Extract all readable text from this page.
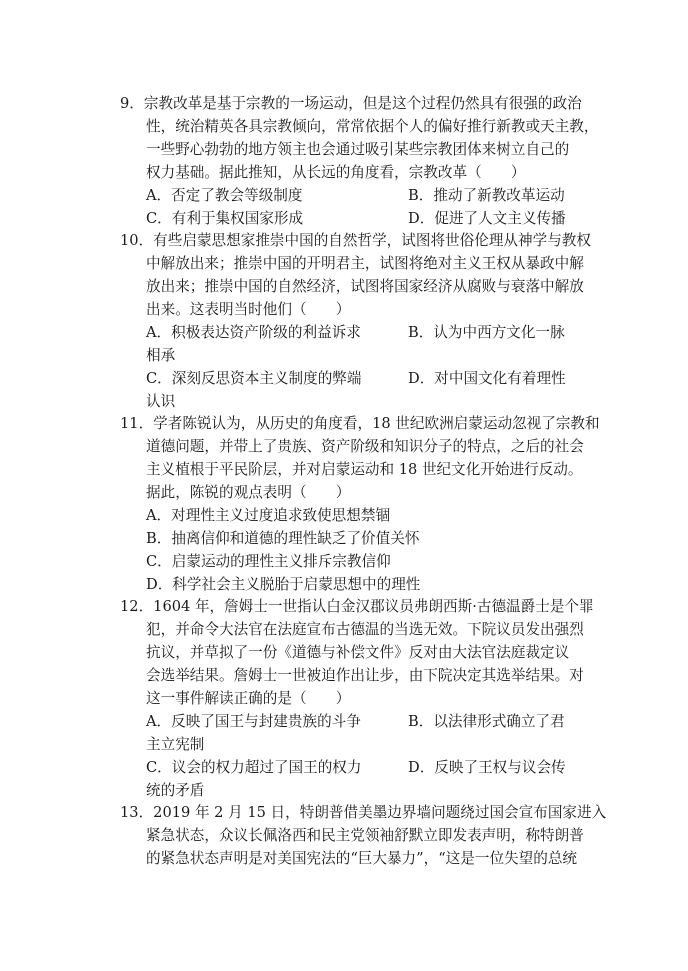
9．宗教改革是基于宗教的一场运动，但是这个过程仍然具有很强的政治
性，统治精英各具宗教倾向，常常依据个人的偏好推行新教或天主教，
一些野心勃勃的地方领主也会通过吸引某些宗教团体来树立自己的
权力基础。据此推知，从长远的角度看，宗教改革（　　）
A．否定了教会等级制度	B．推动了新教改革运动
C．有利于集权国家形成	D．促进了人文主义传播
10．有些启蒙思想家推崇中国的自然哲学，试图将世俗伦理从神学与教权
中解放出来；推崇中国的开明君主，试图将绝对主义王权从暴政中解
放出来；推崇中国的自然经济，试图将国家经济从腐败与衰落中解放
出来。这表明当时他们（　　）
A．积极表达资产阶级的利益诉求	B．认为中西方文化一脉
相承
C．深刻反思资本主义制度的弊端	D．对中国文化有着理性
认识
11．学者陈锐认为，从历史的角度看，18 世纪欧洲启蒙运动忽视了宗教和
道德问题，并带上了贵族、资产阶级和知识分子的特点，之后的社会
主义植根于平民阶层，并对启蒙运动和 18 世纪文化开始进行反动。
据此，陈锐的观点表明（　　）
A．对理性主义过度追求致使思想禁锢
B．抽离信仰和道德的理性缺乏了价值关怀
C．启蒙运动的理性主义排斥宗教信仰
D．科学社会主义脱胎于启蒙思想中的理性
12．1604 年，詹姆士一世指认白金汉郡议员弗朗西斯·古德温爵士是个罪
犯，并命令大法官在法庭宣布古德温的当选无效。下院议员发出强烈
抗议，并草拟了一份《道德与补偿文件》反对由大法官法庭裁定议
会选举结果。詹姆士一世被迫作出让步，由下院决定其选举结果。对
这一事件解读正确的是（　　）
A．反映了国王与封建贵族的斗争	B．以法律形式确立了君
主立宪制
C．议会的权力超过了国王的权力	D．反映了王权与议会传
统的矛盾
13．2019 年 2 月 15 日，特朗普借美墨边界墙问题绕过国会宣布国家进入
紧急状态，众议长佩洛西和民主党领袖舒默立即发表声明，称特朗普
的紧急状态声明是对美国宪法的“巨大暴力”，“这是一位失望的总统
